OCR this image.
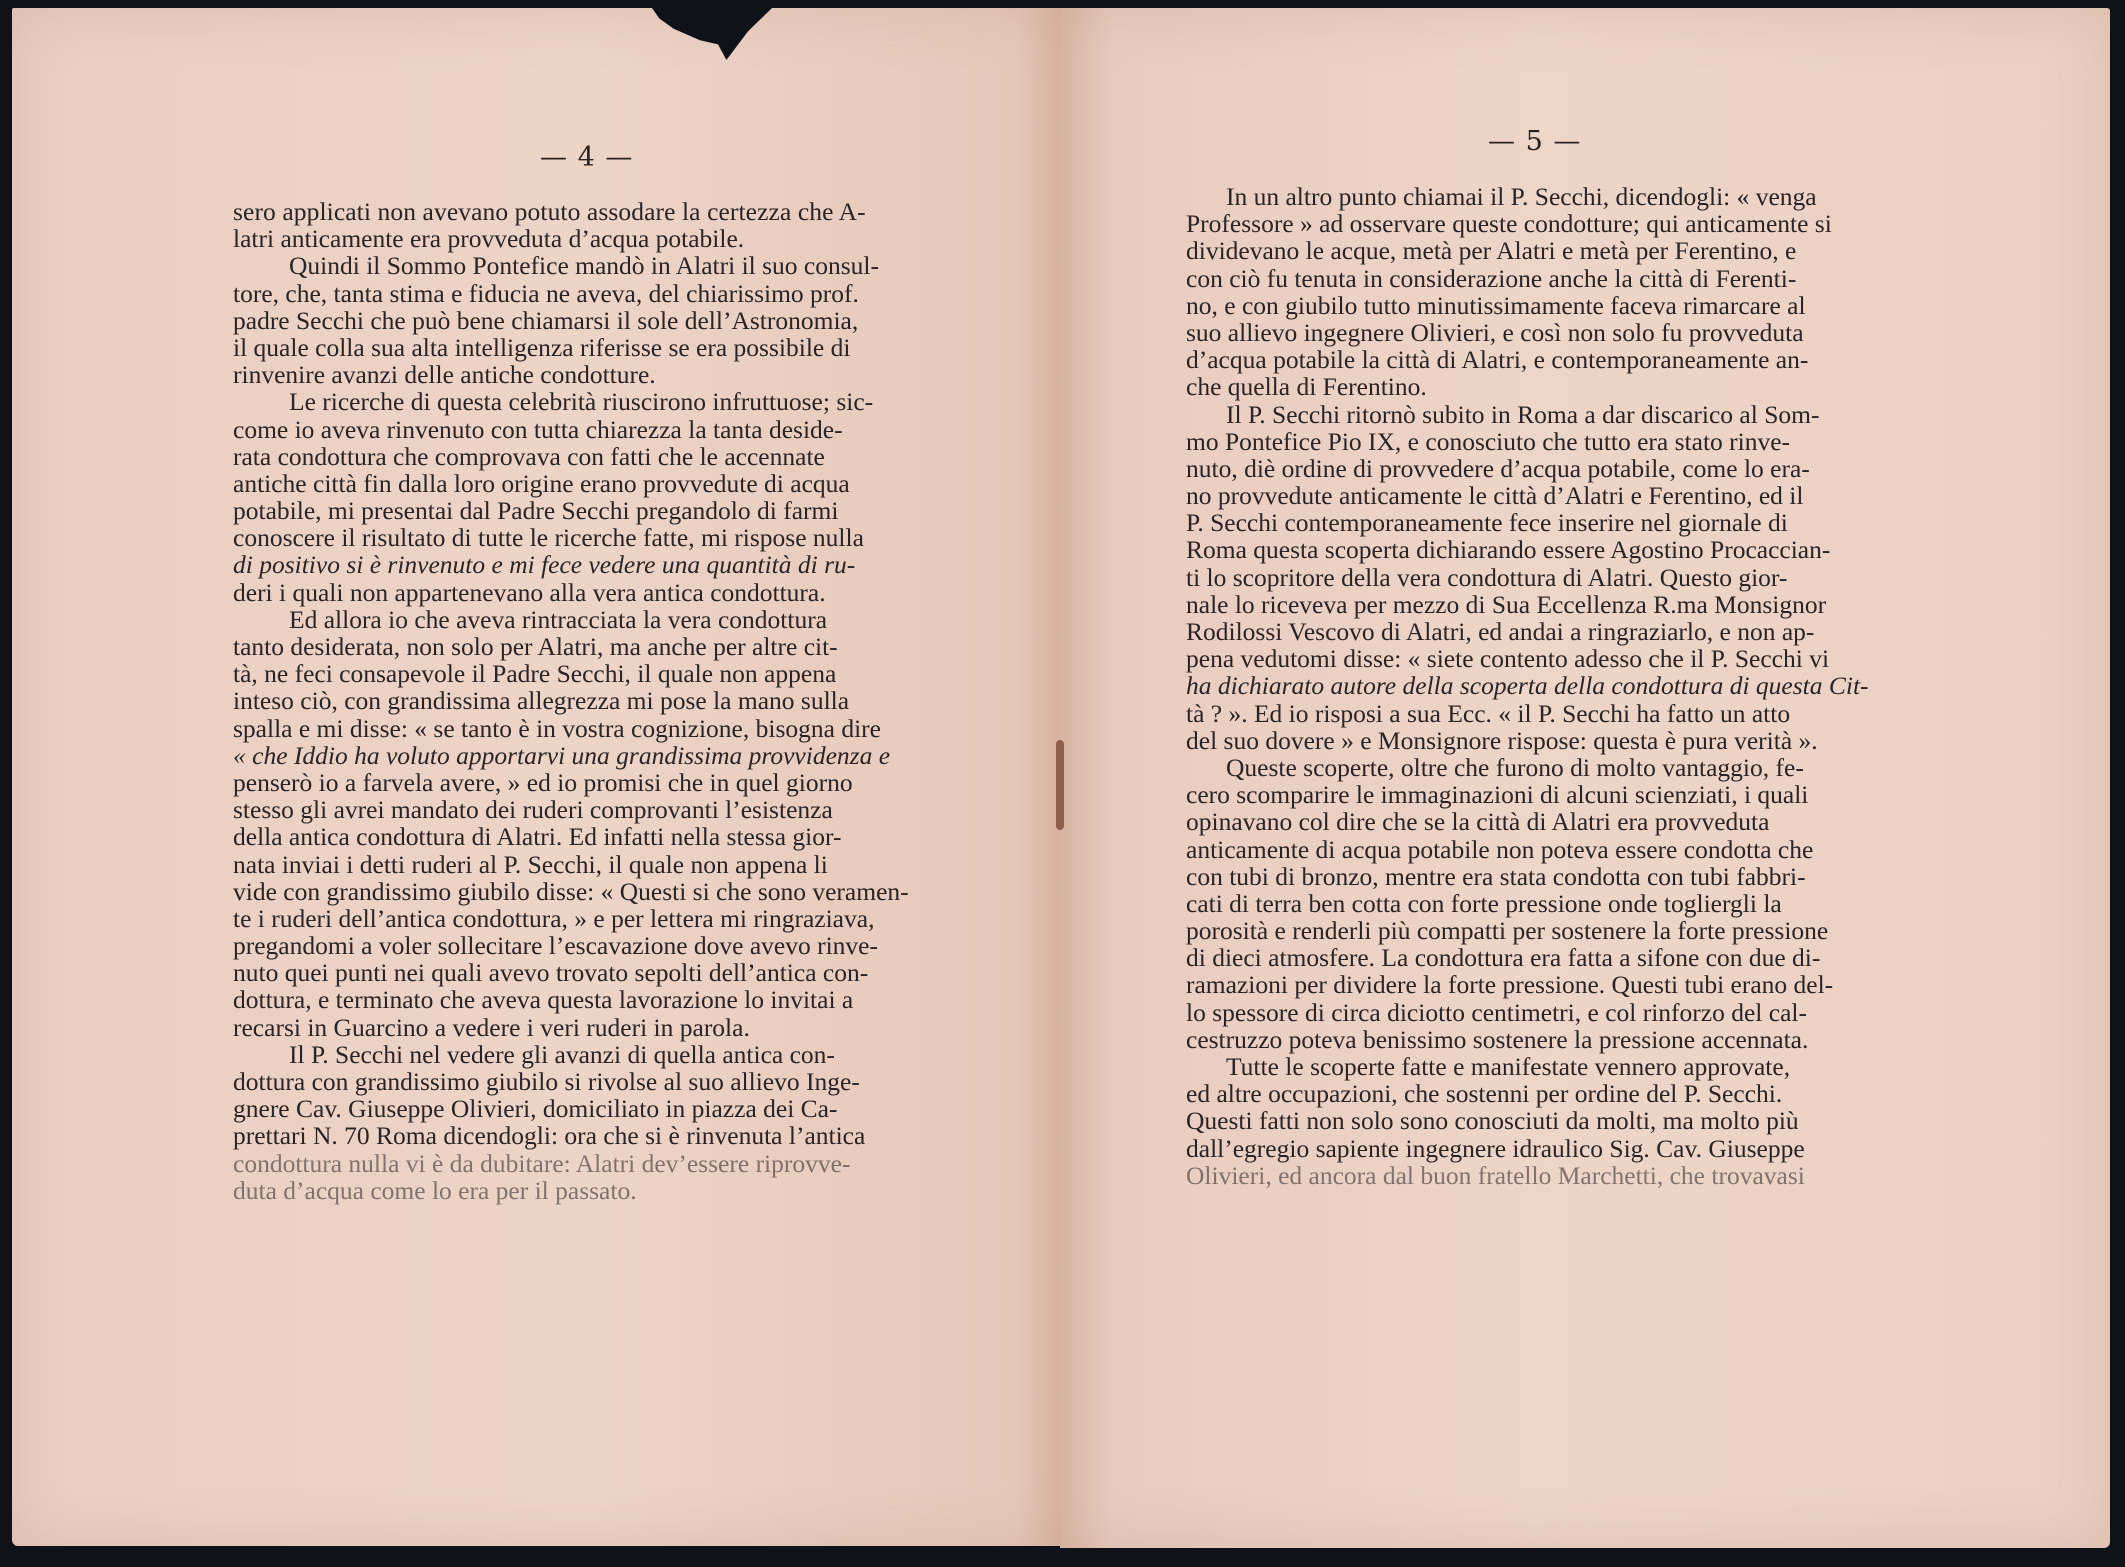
— 4 —
— 5 —
sero applicati non avevano potuto assodare la certezza che A-
latri anticamente era provveduta d’acqua potabile.
Quindi il Sommo Pontefice mandò in Alatri il suo consul-
tore, che, tanta stima e fiducia ne aveva, del chiarissimo prof.
padre Secchi che può bene chiamarsi il sole dell’Astronomia,
il quale colla sua alta intelligenza riferisse se era possibile di
rinvenire avanzi delle antiche condotture.
Le ricerche di questa celebrità riuscirono infruttuose; sic-
come io aveva rinvenuto con tutta chiarezza la tanta deside-
rata condottura che comprovava con fatti che le accennate
antiche città fin dalla loro origine erano provvedute di acqua
potabile, mi presentai dal Padre Secchi pregandolo di farmi
conoscere il risultato di tutte le ricerche fatte, mi rispose nulla
di positivo si è rinvenuto e mi fece vedere una quantità di ru-
deri i quali non appartenevano alla vera antica condottura.
Ed allora io che aveva rintracciata la vera condottura
tanto desiderata, non solo per Alatri, ma anche per altre cit-
tà, ne feci consapevole il Padre Secchi, il quale non appena
inteso ciò, con grandissima allegrezza mi pose la mano sulla
spalla e mi disse: « se tanto è in vostra cognizione, bisogna dire
« che Iddio ha voluto apportarvi una grandissima provvidenza e
penserò io a farvela avere, » ed io promisi che in quel giorno
stesso gli avrei mandato dei ruderi comprovanti l’esistenza
della antica condottura di Alatri. Ed infatti nella stessa gior-
nata inviai i detti ruderi al P. Secchi, il quale non appena li
vide con grandissimo giubilo disse: « Questi si che sono veramen-
te i ruderi dell’antica condottura, » e per lettera mi ringraziava,
pregandomi a voler sollecitare l’escavazione dove avevo rinve-
nuto quei punti nei quali avevo trovato sepolti dell’antica con-
dottura, e terminato che aveva questa lavorazione lo invitai a
recarsi in Guarcino a vedere i veri ruderi in parola.
Il P. Secchi nel vedere gli avanzi di quella antica con-
dottura con grandissimo giubilo si rivolse al suo allievo Inge-
gnere Cav. Giuseppe Olivieri, domiciliato in piazza dei Ca-
prettari N. 70 Roma dicendogli: ora che si è rinvenuta l’antica
condottura nulla vi è da dubitare: Alatri dev’essere riprovve-
duta d’acqua come lo era per il passato.
In un altro punto chiamai il P. Secchi, dicendogli: « venga
Professore » ad osservare queste condotture; qui anticamente si
dividevano le acque, metà per Alatri e metà per Ferentino, e
con ciò fu tenuta in considerazione anche la città di Ferenti-
no, e con giubilo tutto minutissimamente faceva rimarcare al
suo allievo ingegnere Olivieri, e così non solo fu provveduta
d’acqua potabile la città di Alatri, e contemporaneamente an-
che quella di Ferentino.
Il P. Secchi ritornò subito in Roma a dar discarico al Som-
mo Pontefice Pio IX, e conosciuto che tutto era stato rinve-
nuto, diè ordine di provvedere d’acqua potabile, come lo era-
no provvedute anticamente le città d’Alatri e Ferentino, ed il
P. Secchi contemporaneamente fece inserire nel giornale di
Roma questa scoperta dichiarando essere Agostino Procaccian-
ti lo scopritore della vera condottura di Alatri. Questo gior-
nale lo riceveva per mezzo di Sua Eccellenza R.ma Monsignor
Rodilossi Vescovo di Alatri, ed andai a ringraziarlo, e non ap-
pena vedutomi disse: « siete contento adesso che il P. Secchi vi
ha dichiarato autore della scoperta della condottura di questa Cit-
tà ? ». Ed io risposi a sua Ecc. « il P. Secchi ha fatto un atto
del suo dovere » e Monsignore rispose: questa è pura verità ».
Queste scoperte, oltre che furono di molto vantaggio, fe-
cero scomparire le immaginazioni di alcuni scienziati, i quali
opinavano col dire che se la città di Alatri era provveduta
anticamente di acqua potabile non poteva essere condotta che
con tubi di bronzo, mentre era stata condotta con tubi fabbri-
cati di terra ben cotta con forte pressione onde togliergli la
porosità e renderli più compatti per sostenere la forte pressione
di dieci atmosfere. La condottura era fatta a sifone con due di-
ramazioni per dividere la forte pressione. Questi tubi erano del-
lo spessore di circa diciotto centimetri, e col rinforzo del cal-
cestruzzo poteva benissimo sostenere la pressione accennata.
Tutte le scoperte fatte e manifestate vennero approvate,
ed altre occupazioni, che sostenni per ordine del P. Secchi.
Questi fatti non solo sono conosciuti da molti, ma molto più
dall’egregio sapiente ingegnere idraulico Sig. Cav. Giuseppe
Olivieri, ed ancora dal buon fratello Marchetti, che trovavasi
